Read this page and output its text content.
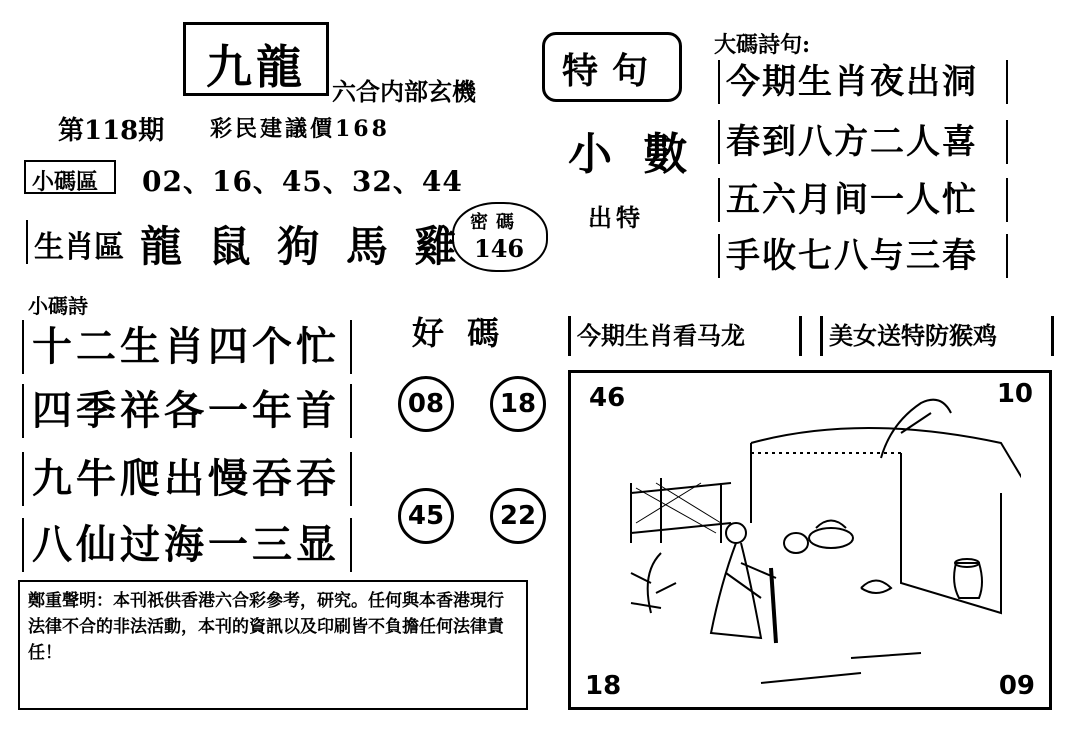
九龍	六合内部玄機
第118期 彩民建議價168
小碼區 02、16、45、32、44
生肖區 龍 鼠 狗 馬 雞 密碼
146
特句
小 數
出特
大碼詩句:
今期生肖夜出洞
春到八方二人喜
五六月间一人忙
手收七八与三春
小碼詩
十二生肖四个忙
四季祥各一年首
九牛爬出慢吞吞
八仙过海一三显
好 碼
08	18
45	22
今期生肖看马龙	美女送特防猴鸡
46	10
18	09
鄭重聲明：本刊祇供香港六合彩參考，研究。任何與本香港現行法律不合的非法活動，本刊的資訊以及印刷皆不負擔任何法律責任！
